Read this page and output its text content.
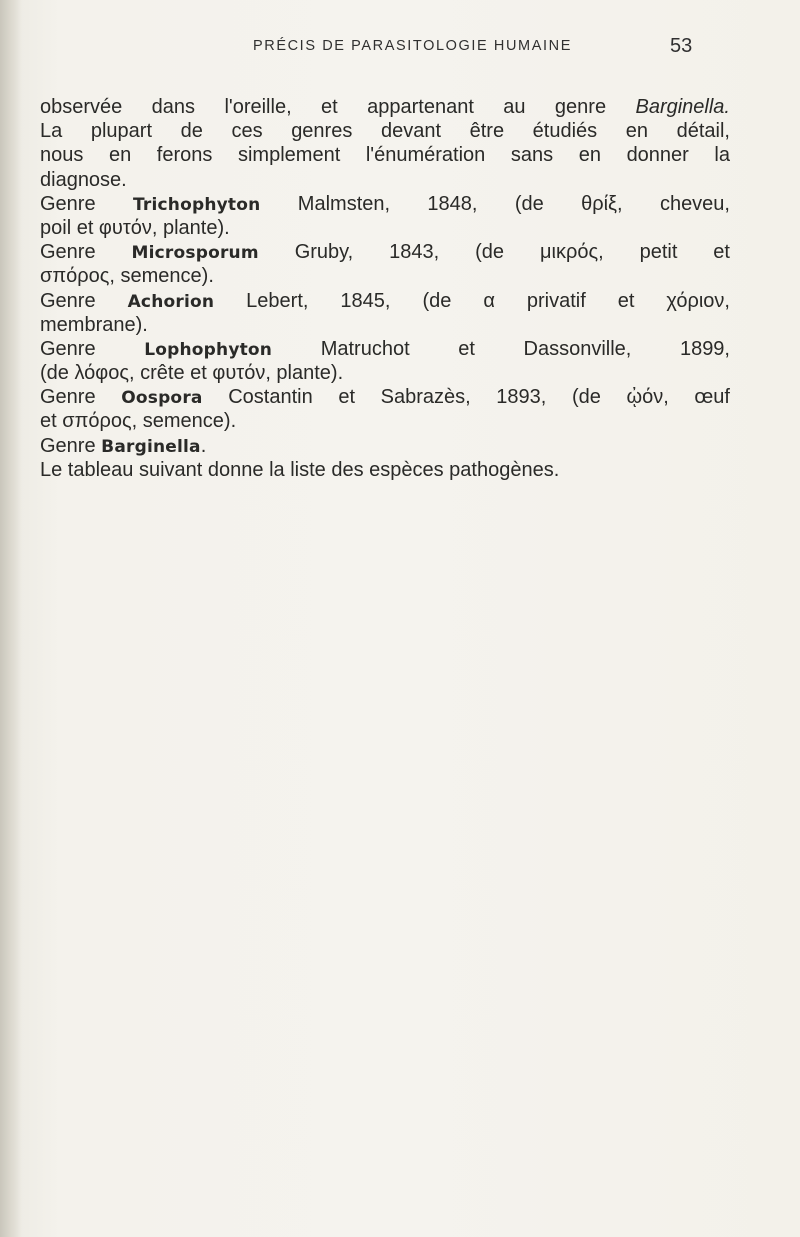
PRÉCIS DE PARASITOLOGIE HUMAINE	53
observée dans l'oreille, et appartenant au genre Barginella.
La plupart de ces genres devant être étudiés en détail,
nous en ferons simplement l'énumération sans en donner la
diagnose.
Genre Trichophyton Malmsten, 1848, (de θρίξ, cheveu,
poil et φυτόν, plante).
Genre Microsporum Gruby, 1843, (de μικρός, petit et
σπόρος, semence).
Genre Achorion Lebert, 1845, (de α privatif et χόριον,
membrane).
Genre Lophophyton Matruchot et Dassonville, 1899,
(de λόφος, crête et φυτόν, plante).
Genre Oospora Costantin et Sabrazès, 1893, (de ᾠόν, œuf
et σπόρος, semence).
Genre Barginella.
Le tableau suivant donne la liste des espèces pathogènes.
